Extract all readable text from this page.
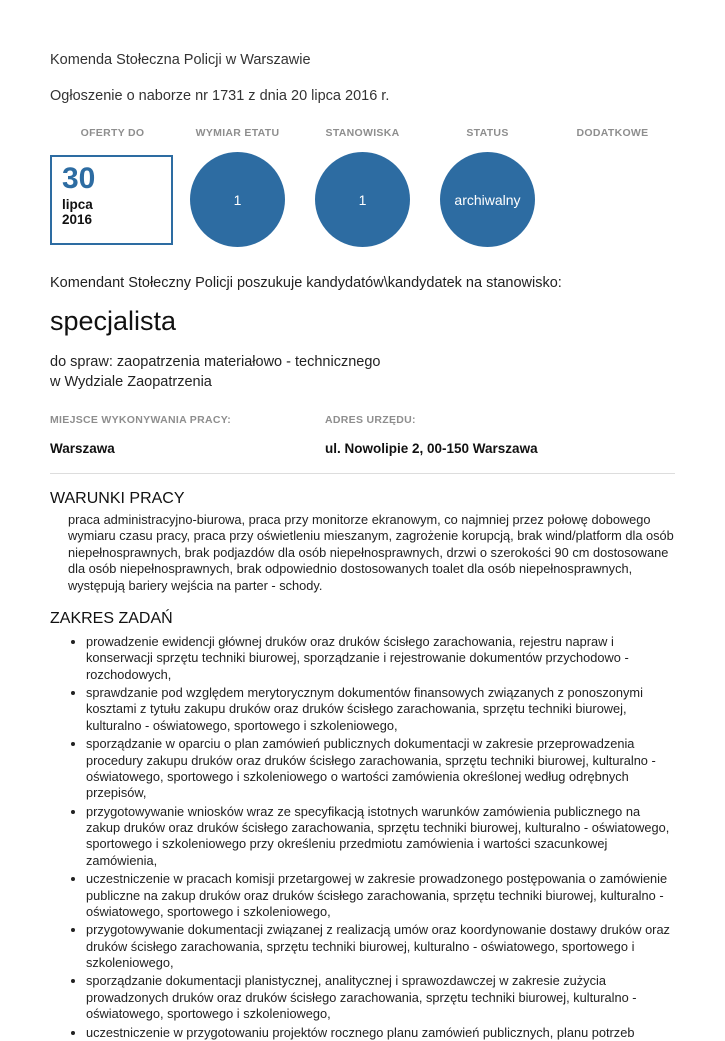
Komenda Stołeczna Policji w Warszawie
Ogłoszenie o naborze nr 1731 z dnia 20 lipca 2016 r.
OFERTY DO
30
lipca
2016
WYMIAR ETATU
1
STANOWISKA
1
STATUS
archiwalny
DODATKOWE
Komendant Stołeczny Policji poszukuje kandydatów\kandydatek na stanowisko:
specjalista
do spraw: zaopatrzenia materiałowo - technicznego
w Wydziale Zaopatrzenia
MIEJSCE WYKONYWANIA PRACY:
Warszawa
ADRES URZĘDU:
ul. Nowolipie 2, 00-150 Warszawa
WARUNKI PRACY

praca administracyjno-biurowa, praca przy monitorze ekranowym, co najmniej przez połowę dobowego wymiaru czasu pracy, praca przy oświetleniu mieszanym, zagrożenie korupcją, brak wind/platform dla osób niepełnosprawnych, brak podjazdów dla osób niepełnosprawnych, drzwi o szerokości 90 cm dostosowane dla osób niepełnosprawnych, brak odpowiednio dostosowanych toalet dla osób niepełnosprawnych, występują bariery wejścia na parter - schody.

ZAKRES ZADAŃ
• prowadzenie ewidencji głównej druków oraz druków ścisłego zarachowania, rejestru napraw i konserwacji sprzętu techniki biurowej, sporządzanie i rejestrowanie dokumentów przychodowo - rozchodowych,
• sprawdzanie pod względem merytorycznym dokumentów finansowych związanych z ponoszonymi kosztami z tytułu zakupu druków oraz druków ścisłego zarachowania, sprzętu techniki biurowej, kulturalno - oświatowego, sportowego i szkoleniowego,
• sporządzanie w oparciu o plan zamówień publicznych dokumentacji w zakresie przeprowadzenia procedury zakupu druków oraz druków ścisłego zarachowania, sprzętu techniki biurowej, kulturalno - oświatowego, sportowego i szkoleniowego o wartości zamówienia określonej według odrębnych przepisów,
• przygotowywanie wniosków wraz ze specyfikacją istotnych warunków zamówienia publicznego na zakup druków oraz druków ścisłego zarachowania, sprzętu techniki biurowej, kulturalno - oświatowego, sportowego i szkoleniowego przy określeniu przedmiotu zamówienia i wartości szacunkowej zamówienia,
• uczestniczenie w pracach komisji przetargowej w zakresie prowadzonego postępowania o zamówienie publiczne na zakup druków oraz druków ścisłego zarachowania, sprzętu techniki biurowej, kulturalno - oświatowego, sportowego i szkoleniowego,
• przygotowywanie dokumentacji związanej z realizacją umów oraz koordynowanie dostawy druków oraz druków ścisłego zarachowania, sprzętu techniki biurowej, kulturalno - oświatowego, sportowego i szkoleniowego,
• sporządzanie dokumentacji planistycznej, analitycznej i sprawozdawczej w zakresie zużycia prowadzonych druków oraz druków ścisłego zarachowania, sprzętu techniki biurowej, kulturalno - oświatowego, sportowego i szkoleniowego,
• uczestniczenie w przygotowaniu projektów rocznego planu zamówień publicznych, planu potrzeb
